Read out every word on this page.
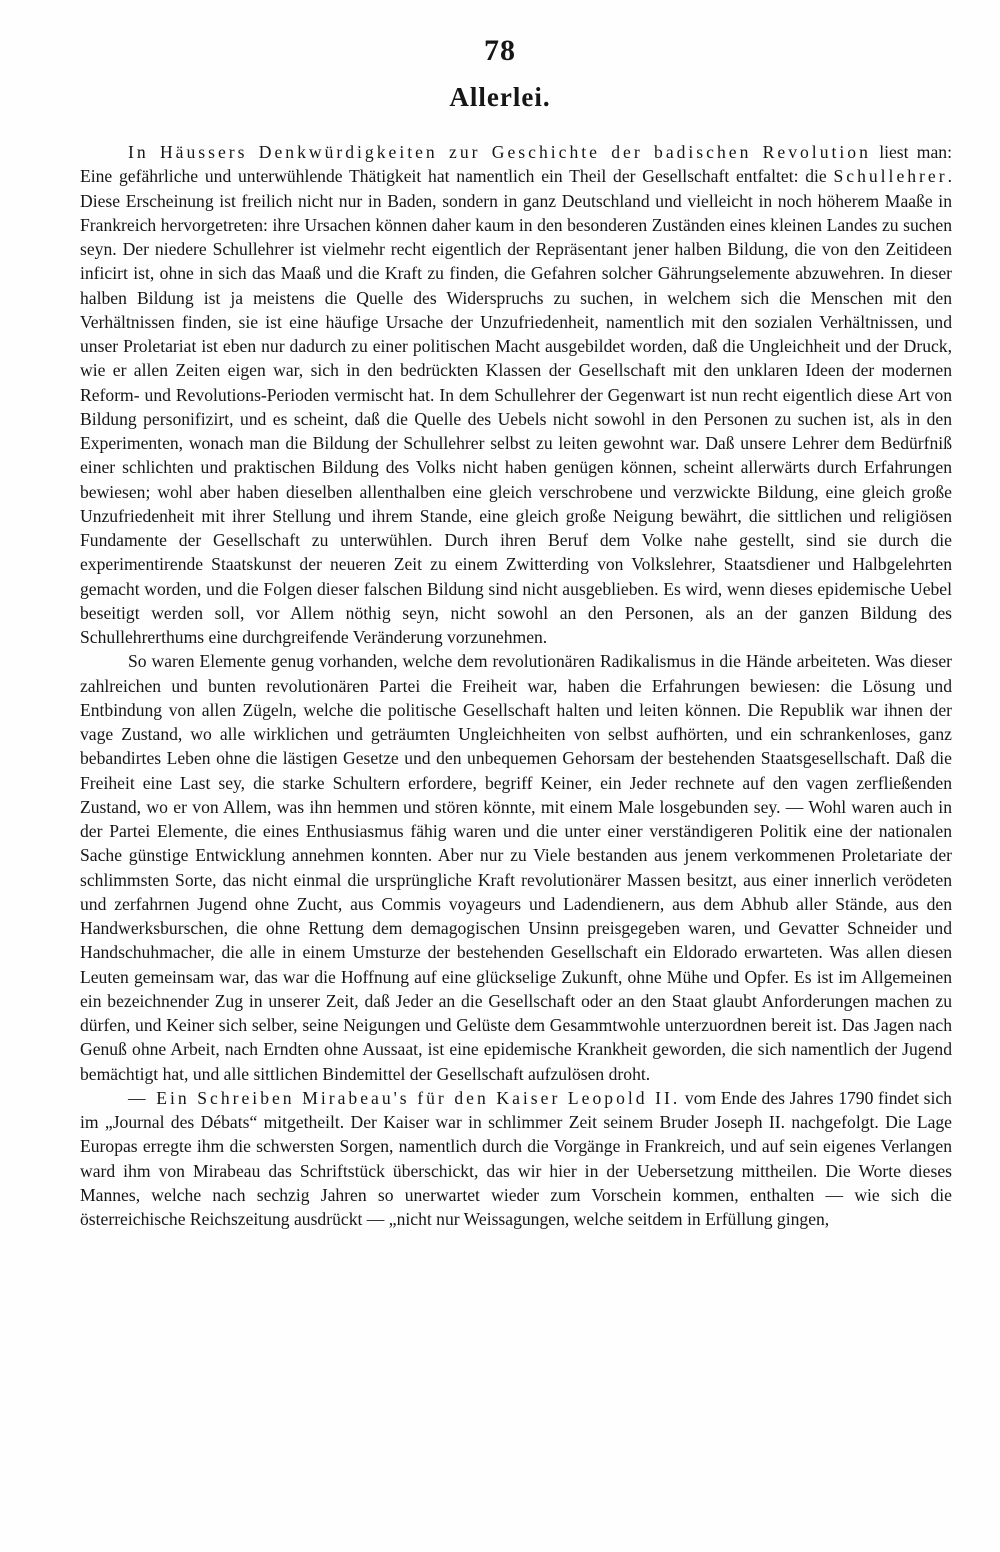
78
Allerlei.

In Häussers Denkwürdigkeiten zur Geschichte der badischen Revolution liest man: Eine gefährliche und unterwühlende Thätigkeit hat namentlich ein Theil der Gesellschaft entfaltet: die Schullehrer. Diese Erscheinung ist freilich nicht nur in Baden, sondern in ganz Deutschland und vielleicht in noch höherem Maaße in Frankreich hervorgetreten: ihre Ursachen können daher kaum in den besonderen Zuständen eines kleinen Landes zu suchen seyn. Der niedere Schullehrer ist vielmehr recht eigentlich der Repräsentant jener halben Bildung, die von den Zeitideen inficirt ist, ohne in sich das Maaß und die Kraft zu finden, die Gefahren solcher Gährungselemente abzuwehren. In dieser halben Bildung ist ja meistens die Quelle des Widerspruchs zu suchen, in welchem sich die Menschen mit den Verhältnissen finden, sie ist eine häufige Ursache der Unzufriedenheit, namentlich mit den sozialen Verhältnissen, und unser Proletariat ist eben nur dadurch zu einer politischen Macht ausgebildet worden, daß die Ungleichheit und der Druck, wie er allen Zeiten eigen war, sich in den bedrückten Klassen der Gesellschaft mit den unklaren Ideen der modernen Reform- und Revolutions-Perioden vermischt hat. In dem Schullehrer der Gegenwart ist nun recht eigentlich diese Art von Bildung personifizirt, und es scheint, daß die Quelle des Uebels nicht sowohl in den Personen zu suchen ist, als in den Experimenten, wonach man die Bildung der Schullehrer selbst zu leiten gewohnt war. Daß unsere Lehrer dem Bedürfniß einer schlichten und praktischen Bildung des Volks nicht haben genügen können, scheint allerwärts durch Erfahrungen bewiesen; wohl aber haben dieselben allenthalben eine gleich verschrobene und verzwickte Bildung, eine gleich große Unzufriedenheit mit ihrer Stellung und ihrem Stande, eine gleich große Neigung bewährt, die sittlichen und religiösen Fundamente der Gesellschaft zu unterwühlen. Durch ihren Beruf dem Volke nahe gestellt, sind sie durch die experimentirende Staatskunst der neueren Zeit zu einem Zwitterding von Volkslehrer, Staatsdiener und Halbgelehrten gemacht worden, und die Folgen dieser falschen Bildung sind nicht ausgeblieben. Es wird, wenn dieses epidemische Uebel beseitigt werden soll, vor Allem nöthig seyn, nicht sowohl an den Personen, als an der ganzen Bildung des Schullehrerthums eine durchgreifende Veränderung vorzunehmen.

So waren Elemente genug vorhanden, welche dem revolutionären Radikalismus in die Hände arbeiteten. Was dieser zahlreichen und bunten revolutionären Partei die Freiheit war, haben die Erfahrungen bewiesen: die Lösung und Entbindung von allen Zügeln, welche die politische Gesellschaft halten und leiten können. Die Republik war ihnen der vage Zustand, wo alle wirklichen und geträumten Ungleichheiten von selbst aufhörten, und ein schrankenloses, ganz bebandirtes Leben ohne die lästigen Gesetze und den unbequemen Gehorsam der bestehenden Staatsgesellschaft. Daß die Freiheit eine Last sey, die starke Schultern erfordere, begriff Keiner, ein Jeder rechnete auf den vagen zerfließenden Zustand, wo er von Allem, was ihn hemmen und stören könnte, mit einem Male losgebunden sey. — Wohl waren auch in der Partei Elemente, die eines Enthusiasmus fähig waren und die unter einer verständigeren Politik eine der nationalen Sache günstige Entwicklung annehmen konnten. Aber nur zu Viele bestanden aus jenem verkommenen Proletariate der schlimmsten Sorte, das nicht einmal die ursprüngliche Kraft revolutionärer Massen besitzt, aus einer innerlich verödeten und zerfahrnen Jugend ohne Zucht, aus Commis voyageurs und Ladendienern, aus dem Abhub aller Stände, aus den Handwerksburschen, die ohne Rettung dem demagogischen Unsinn preisgegeben waren, und Gevatter Schneider und Handschuhmacher, die alle in einem Umsturze der bestehenden Gesellschaft ein Eldorado erwarteten. Was allen diesen Leuten gemeinsam war, das war die Hoffnung auf eine glückselige Zukunft, ohne Mühe und Opfer. Es ist im Allgemeinen ein bezeichnender Zug in unserer Zeit, daß Jeder an die Gesellschaft oder an den Staat glaubt Anforderungen machen zu dürfen, und Keiner sich selber, seine Neigungen und Gelüste dem Gesammtwohle unterzuordnen bereit ist. Das Jagen nach Genuß ohne Arbeit, nach Erndten ohne Aussaat, ist eine epidemische Krankheit geworden, die sich namentlich der Jugend bemächtigt hat, und alle sittlichen Bindemittel der Gesellschaft aufzulösen droht.

— Ein Schreiben Mirabeau's für den Kaiser Leopold II. vom Ende des Jahres 1790 findet sich im „Journal des Débats“ mitgetheilt. Der Kaiser war in schlimmer Zeit seinem Bruder Joseph II. nachgefolgt. Die Lage Europas erregte ihm die schwersten Sorgen, namentlich durch die Vorgänge in Frankreich, und auf sein eigenes Verlangen ward ihm von Mirabeau das Schriftstück überschickt, das wir hier in der Uebersetzung mittheilen. Die Worte dieses Mannes, welche nach sechzig Jahren so unerwartet wieder zum Vorschein kommen, enthalten — wie sich die österreichische Reichszeitung ausdrückt — „nicht nur Weissagungen, welche seitdem in Erfüllung gingen,
